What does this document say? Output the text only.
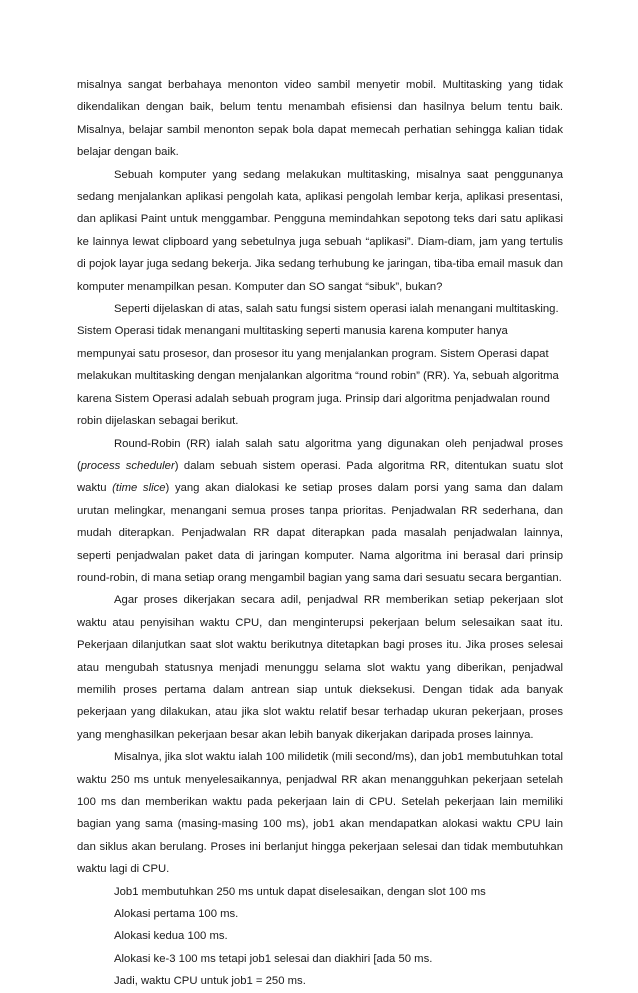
misalnya sangat berbahaya menonton video sambil menyetir mobil. Multitasking yang tidak dikendalikan dengan baik, belum tentu menambah efisiensi dan hasilnya belum tentu baik. Misalnya, belajar sambil menonton sepak bola dapat memecah perhatian sehingga kalian tidak belajar dengan baik.

Sebuah komputer yang sedang melakukan multitasking, misalnya saat penggunanya sedang menjalankan aplikasi pengolah kata, aplikasi pengolah lembar kerja, aplikasi presentasi, dan aplikasi Paint untuk menggambar. Pengguna memindahkan sepotong teks dari satu aplikasi ke lainnya lewat clipboard yang sebetulnya juga sebuah “aplikasi”. Diam-diam, jam yang tertulis di pojok layar juga sedang bekerja. Jika sedang terhubung ke jaringan, tiba-tiba email masuk dan komputer menampilkan pesan. Komputer dan SO sangat “sibuk”, bukan?

Seperti dijelaskan di atas, salah satu fungsi sistem operasi ialah menangani multitasking. Sistem Operasi tidak menangani multitasking seperti manusia karena komputer hanya mempunyai satu prosesor, dan prosesor itu yang menjalankan program. Sistem Operasi dapat melakukan multitasking dengan menjalankan algoritma “round robin” (RR). Ya, sebuah algoritma karena Sistem Operasi adalah sebuah program juga. Prinsip dari algoritma penjadwalan round robin dijelaskan sebagai berikut.

Round-Robin (RR) ialah salah satu algoritma yang digunakan oleh penjadwal proses (process scheduler) dalam sebuah sistem operasi. Pada algoritma RR, ditentukan suatu slot waktu (time slice) yang akan dialokasi ke setiap proses dalam porsi yang sama dan dalam urutan melingkar, menangani semua proses tanpa prioritas. Penjadwalan RR sederhana, dan mudah diterapkan. Penjadwalan RR dapat diterapkan pada masalah penjadwalan lainnya, seperti penjadwalan paket data di jaringan komputer. Nama algoritma ini berasal dari prinsip round-robin, di mana setiap orang mengambil bagian yang sama dari sesuatu secara bergantian.

Agar proses dikerjakan secara adil, penjadwal RR memberikan setiap pekerjaan slot waktu atau penyisihan waktu CPU, dan menginterupsi pekerjaan belum selesaikan saat itu. Pekerjaan dilanjutkan saat slot waktu berikutnya ditetapkan bagi proses itu. Jika proses selesai atau mengubah statusnya menjadi menunggu selama slot waktu yang diberikan, penjadwal memilih proses pertama dalam antrean siap untuk dieksekusi. Dengan tidak ada banyak pekerjaan yang dilakukan, atau jika slot waktu relatif besar terhadap ukuran pekerjaan, proses yang menghasilkan pekerjaan besar akan lebih banyak dikerjakan daripada proses lainnya.

Misalnya, jika slot waktu ialah 100 milidetik (mili second/ms), dan job1 membutuhkan total waktu 250 ms untuk menyelesaikannya, penjadwal RR akan menangguhkan pekerjaan setelah 100 ms dan memberikan waktu pada pekerjaan lain di CPU. Setelah pekerjaan lain memiliki bagian yang sama (masing-masing 100 ms), job1 akan mendapatkan alokasi waktu CPU lain dan siklus akan berulang. Proses ini berlanjut hingga pekerjaan selesai dan tidak membutuhkan waktu lagi di CPU.

Job1 membutuhkan 250 ms untuk dapat diselesaikan, dengan slot 100 ms

Alokasi pertama 100 ms.

Alokasi kedua 100 ms.

Alokasi ke-3 100 ms tetapi job1 selesai dan diakhiri [ada 50 ms.

Jadi, waktu CPU untuk job1 = 250 ms.
